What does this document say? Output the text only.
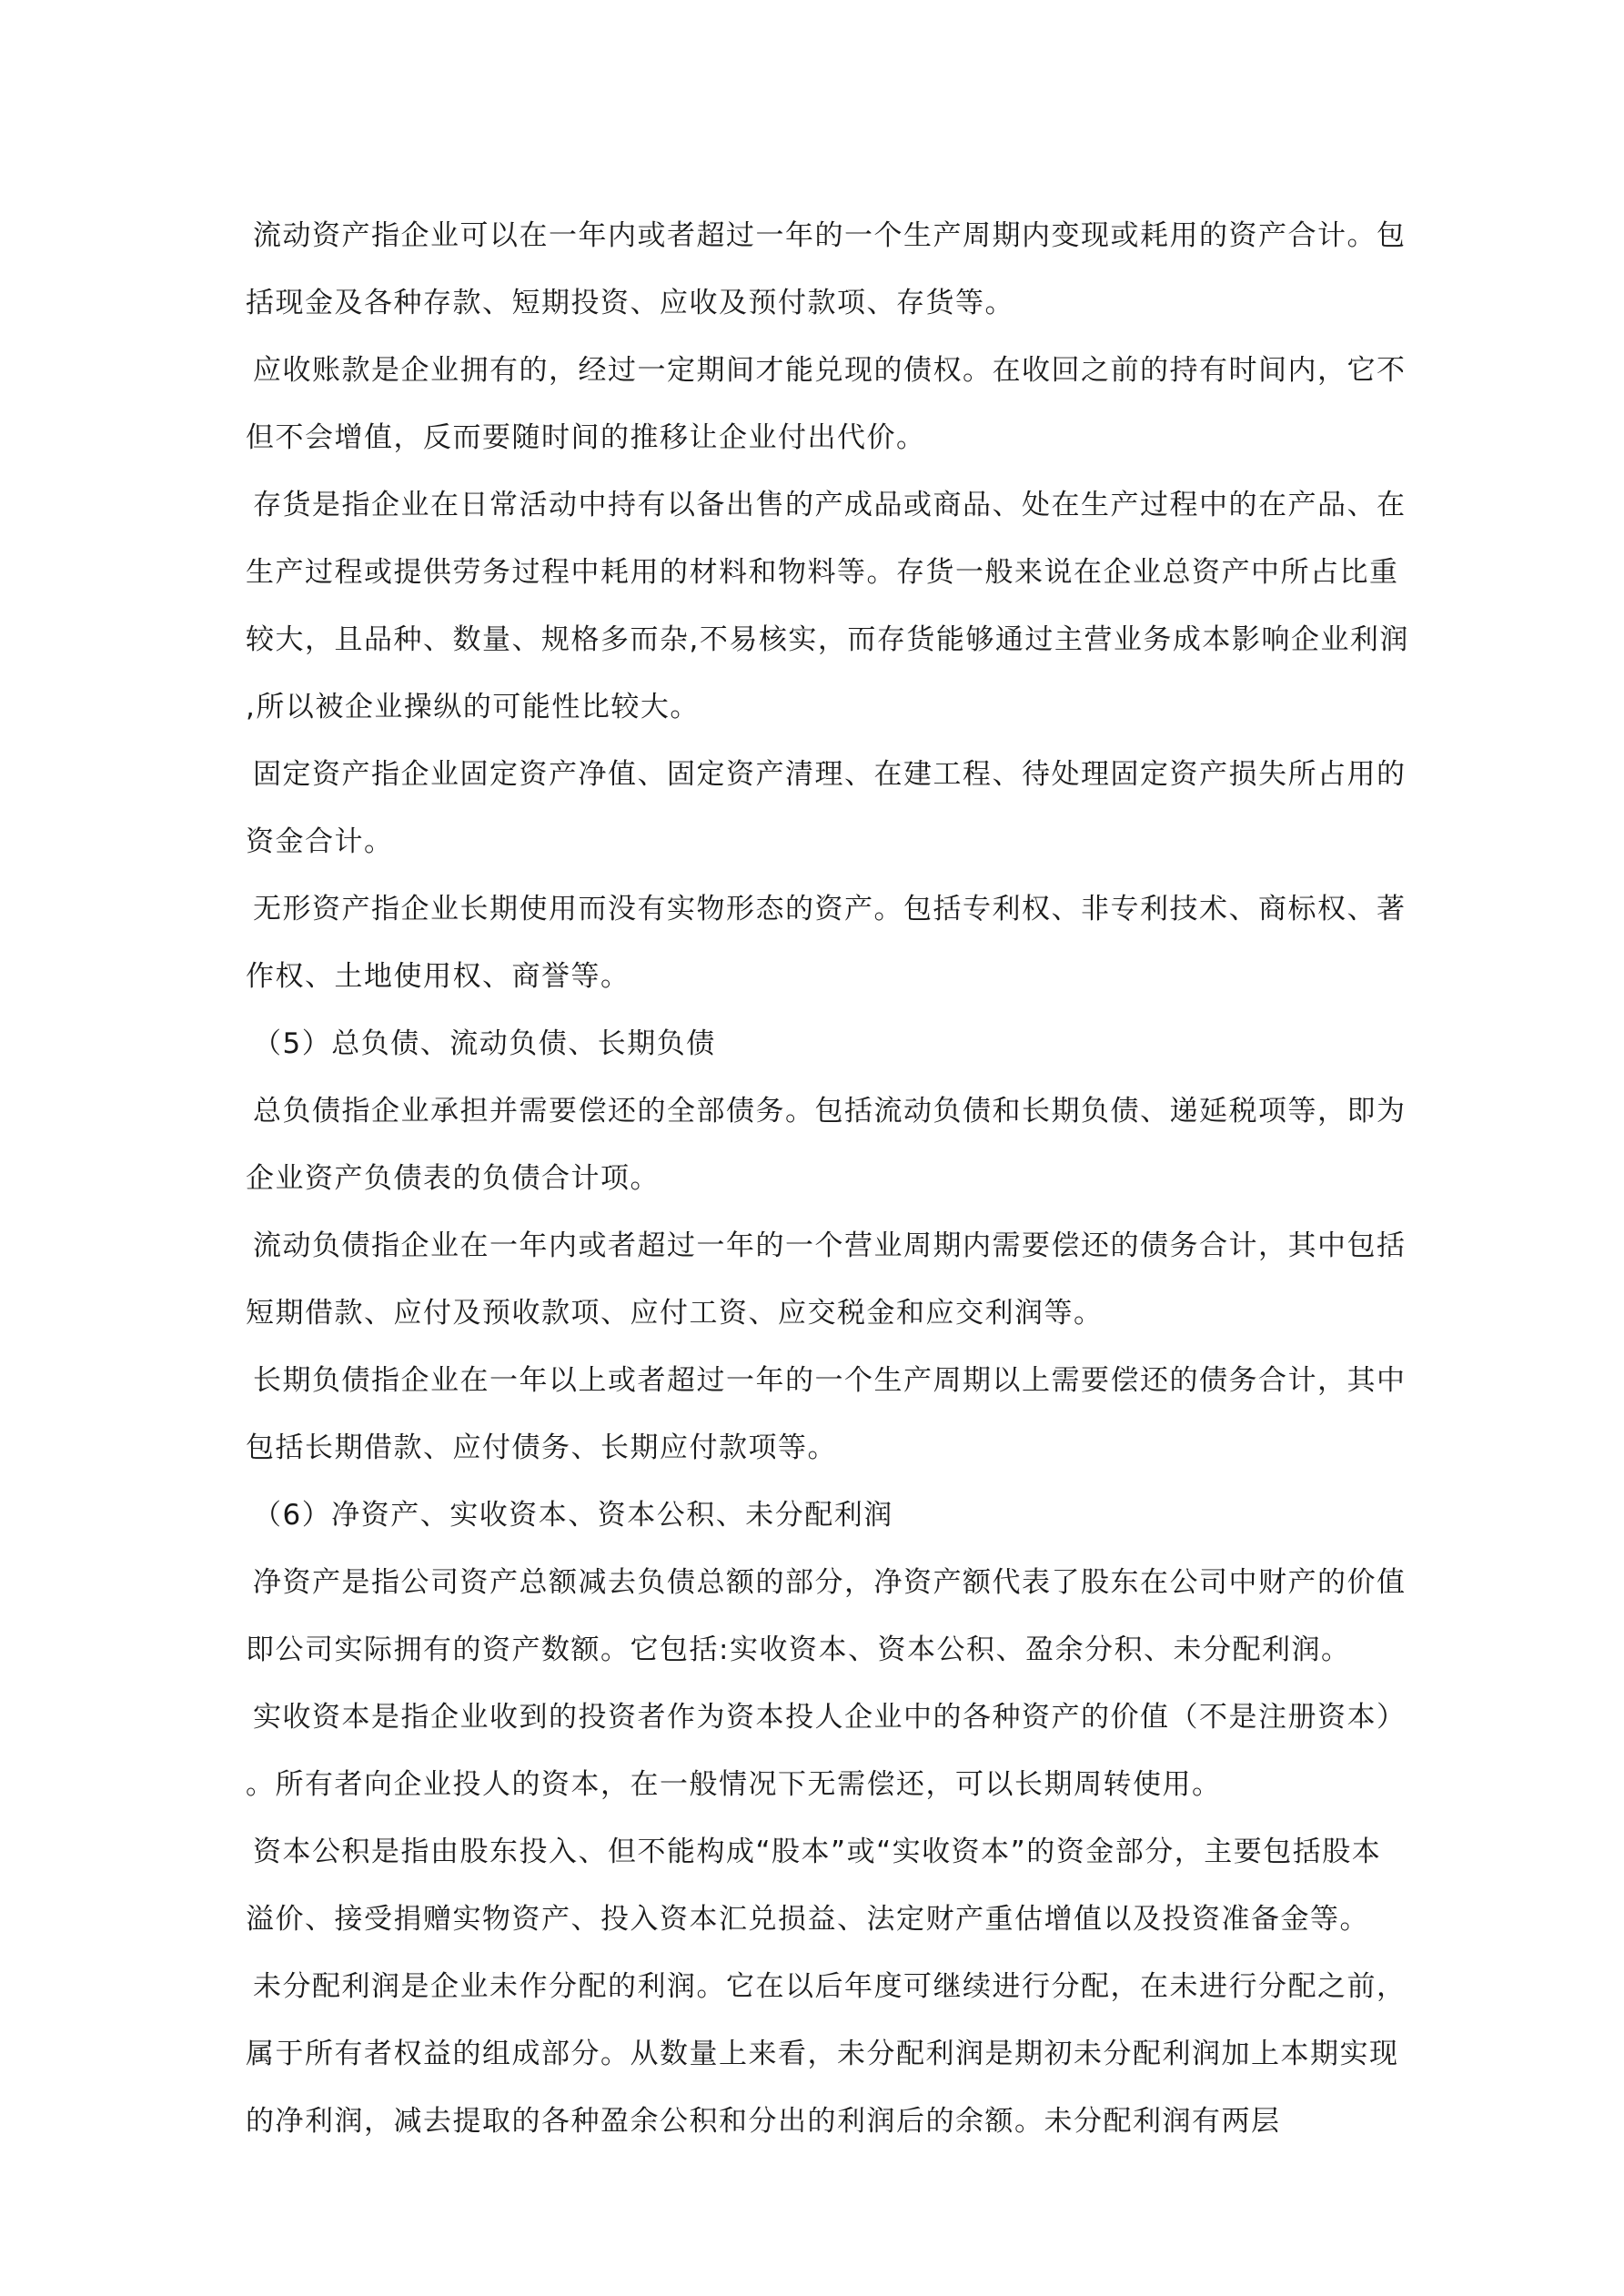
流动资产指企业可以在一年内或者超过一年的一个生产周期内变现或耗用的资产合计。包括现金及各种存款、短期投资、应收及预付款项、存货等。

应收账款是企业拥有的，经过一定期间才能兑现的债权。在收回之前的持有时间内，它不但不会增值，反而要随时间的推移让企业付出代价。

存货是指企业在日常活动中持有以备出售的产成品或商品、处在生产过程中的在产品、在生产过程或提供劳务过程中耗用的材料和物料等。存货一般来说在企业总资产中所占比重较大，且品种、数量、规格多而杂,不易核实，而存货能够通过主营业务成本影响企业利润,所以被企业操纵的可能性比较大。

固定资产指企业固定资产净值、固定资产清理、在建工程、待处理固定资产损失所占用的资金合计。

无形资产指企业长期使用而没有实物形态的资产。包括专利权、非专利技术、商标权、著作权、土地使用权、商誉等。

（5）总负债、流动负债、长期负债

总负债指企业承担并需要偿还的全部债务。包括流动负债和长期负债、递延税项等，即为企业资产负债表的负债合计项。

流动负债指企业在一年内或者超过一年的一个营业周期内需要偿还的债务合计，其中包括短期借款、应付及预收款项、应付工资、应交税金和应交利润等。

长期负债指企业在一年以上或者超过一年的一个生产周期以上需要偿还的债务合计，其中包括长期借款、应付债务、长期应付款项等。

（6）净资产、实收资本、资本公积、未分配利润

净资产是指公司资产总额减去负债总额的部分，净资产额代表了股东在公司中财产的价值即公司实际拥有的资产数额。它包括:实收资本、资本公积、盈余分积、未分配利润。

实收资本是指企业收到的投资者作为资本投人企业中的各种资产的价值（不是注册资本）。所有者向企业投人的资本，在一般情况下无需偿还，可以长期周转使用。

资本公积是指由股东投入、但不能构成“股本”或“实收资本”的资金部分，主要包括股本溢价、接受捐赠实物资产、投入资本汇兑损益、法定财产重估增值以及投资准备金等。

未分配利润是企业未作分配的利润。它在以后年度可继续进行分配，在未进行分配之前，属于所有者权益的组成部分。从数量上来看，未分配利润是期初未分配利润加上本期实现的净利润，减去提取的各种盈余公积和分出的利润后的余额。未分配利润有两层
